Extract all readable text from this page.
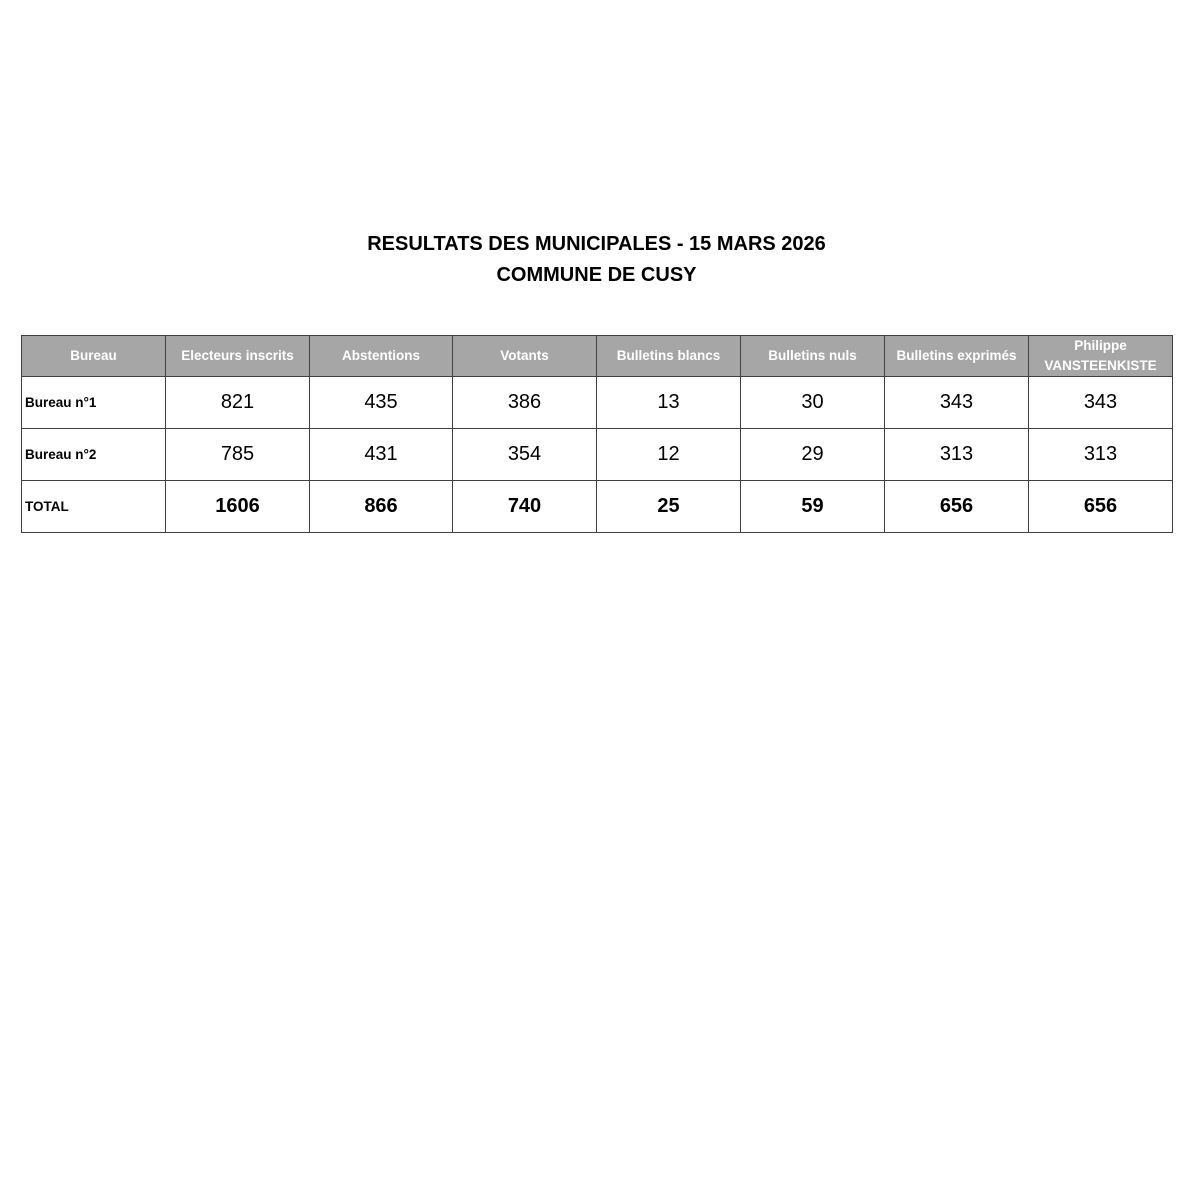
RESULTATS DES MUNICIPALES - 15 MARS 2026
COMMUNE DE CUSY
Bureau	Electeurs inscrits	Abstentions	Votants	Bulletins blancs	Bulletins nuls	Bulletins exprimés	Philippe
VANSTEENKISTE

Bureau n°1	821	435	386	13	30	343	343
Bureau n°2	785	431	354	12	29	313	313
TOTAL	1606	866	740	25	59	656	656
